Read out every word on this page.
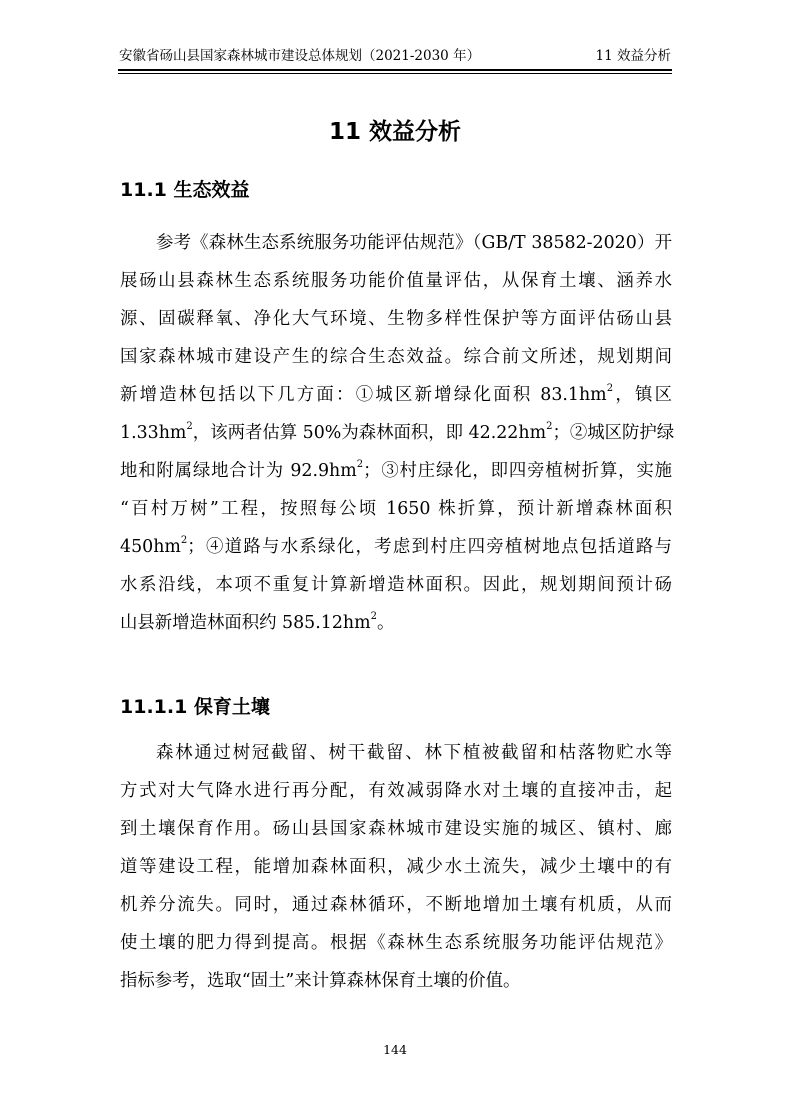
安徽省砀山县国家森林城市建设总体规划（2021-2030 年）	11 效益分析
11 效益分析
11.1 生态效益
参考《森林生态系统服务功能评估规范》（GB/T 38582-2020）开
展砀山县森林生态系统服务功能价值量评估，从保育土壤、涵养水
源、固碳释氧、净化大气环境、生物多样性保护等方面评估砀山县
国家森林城市建设产生的综合生态效益。综合前文所述，规划期间
新增造林包括以下几方面：①城区新增绿化面积 $83.1hm^2$，镇区
$1.33hm^2$，该两者估算 50%为森林面积，即 $42.22hm^2$；②城区防护绿
地和附属绿地合计为 $92.9hm^2$；③村庄绿化，即四旁植树折算，实施
“百村万树”工程，按照每公顷 1650 株折算，预计新增森林面积
$450hm^2$；④道路与水系绿化，考虑到村庄四旁植树地点包括道路与
水系沿线，本项不重复计算新增造林面积。因此，规划期间预计砀
山县新增造林面积约 $585.12hm^2$。
11.1.1 保育土壤
森林通过树冠截留、树干截留、林下植被截留和枯落物贮水等
方式对大气降水进行再分配，有效减弱降水对土壤的直接冲击，起
到土壤保育作用。砀山县国家森林城市建设实施的城区、镇村、廊
道等建设工程，能增加森林面积，减少水土流失，减少土壤中的有
机养分流失。同时，通过森林循环，不断地增加土壤有机质，从而
使土壤的肥力得到提高。根据《森林生态系统服务功能评估规范》
指标参考，选取“固土”来计算森林保育土壤的价值。
144
